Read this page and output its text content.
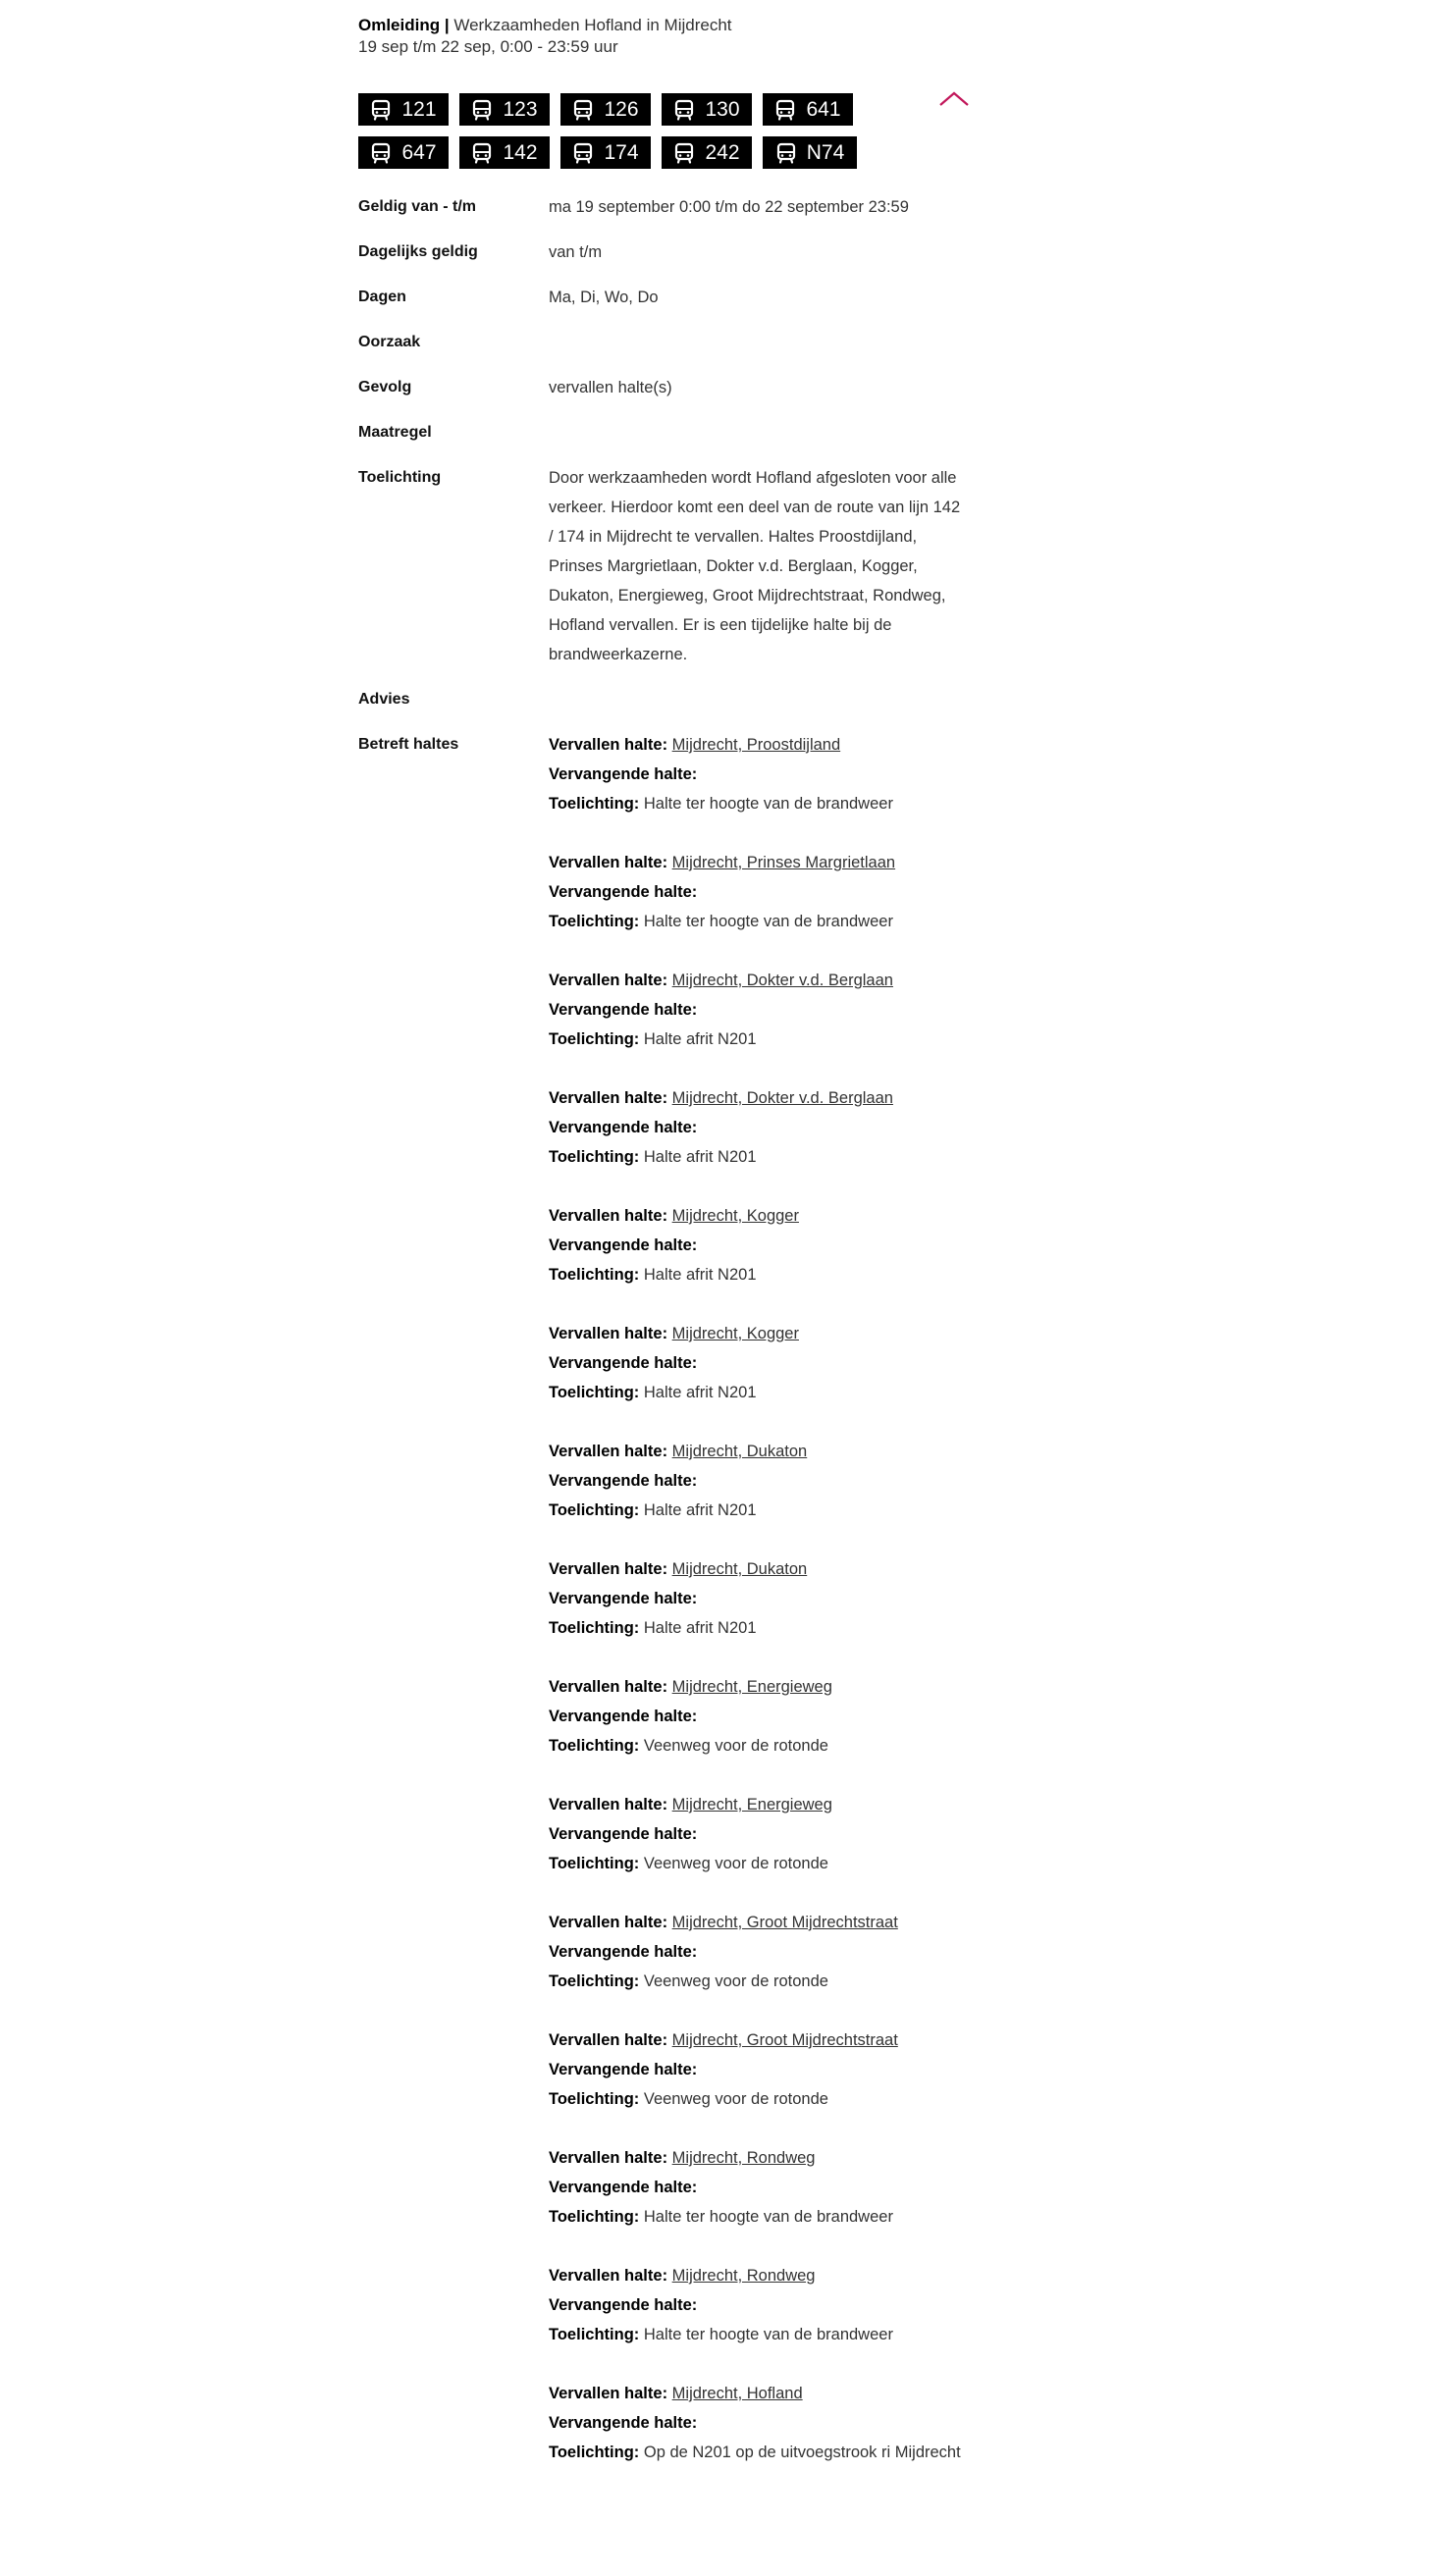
Omleiding | Werkzaamheden Hofland in Mijdrecht
19 sep t/m 22 sep, 0:00 - 23:59 uur
121	123	126	130	641
647	142	174	242	N74
Geldig van - t/m	ma 19 september 0:00 t/m do 22 september 23:59
Dagelijks geldig	van t/m
Dagen	Ma, Di, Wo, Do
Oorzaak
Gevolg	vervallen halte(s)
Maatregel
Toelichting	Door werkzaamheden wordt Hofland afgesloten voor alle verkeer. Hierdoor komt een deel van de route van lijn 142 / 174 in Mijdrecht te vervallen. Haltes Proostdijland, Prinses Margrietlaan, Dokter v.d. Berglaan, Kogger, Dukaton, Energieweg, Groot Mijdrechtstraat, Rondweg, Hofland vervallen. Er is een tijdelijke halte bij de brandweerkazerne.
Advies
Betreft haltes	Vervallen halte: Mijdrecht, Proostdijland
Vervangende halte:
Toelichting: Halte ter hoogte van de brandweer
Vervallen halte: Mijdrecht, Prinses Margrietlaan
Vervangende halte:
Toelichting: Halte ter hoogte van de brandweer
Vervallen halte: Mijdrecht, Dokter v.d. Berglaan
Vervangende halte:
Toelichting: Halte afrit N201
Vervallen halte: Mijdrecht, Dokter v.d. Berglaan
Vervangende halte:
Toelichting: Halte afrit N201
Vervallen halte: Mijdrecht, Kogger
Vervangende halte:
Toelichting: Halte afrit N201
Vervallen halte: Mijdrecht, Kogger
Vervangende halte:
Toelichting: Halte afrit N201
Vervallen halte: Mijdrecht, Dukaton
Vervangende halte:
Toelichting: Halte afrit N201
Vervallen halte: Mijdrecht, Dukaton
Vervangende halte:
Toelichting: Halte afrit N201
Vervallen halte: Mijdrecht, Energieweg
Vervangende halte:
Toelichting: Veenweg voor de rotonde
Vervallen halte: Mijdrecht, Energieweg
Vervangende halte:
Toelichting: Veenweg voor de rotonde
Vervallen halte: Mijdrecht, Groot Mijdrechtstraat
Vervangende halte:
Toelichting: Veenweg voor de rotonde
Vervallen halte: Mijdrecht, Groot Mijdrechtstraat
Vervangende halte:
Toelichting: Veenweg voor de rotonde
Vervallen halte: Mijdrecht, Rondweg
Vervangende halte:
Toelichting: Halte ter hoogte van de brandweer
Vervallen halte: Mijdrecht, Rondweg
Vervangende halte:
Toelichting: Halte ter hoogte van de brandweer
Vervallen halte: Mijdrecht, Hofland
Vervangende halte:
Toelichting: Op de N201 op de uitvoegstrook ri Mijdrecht
